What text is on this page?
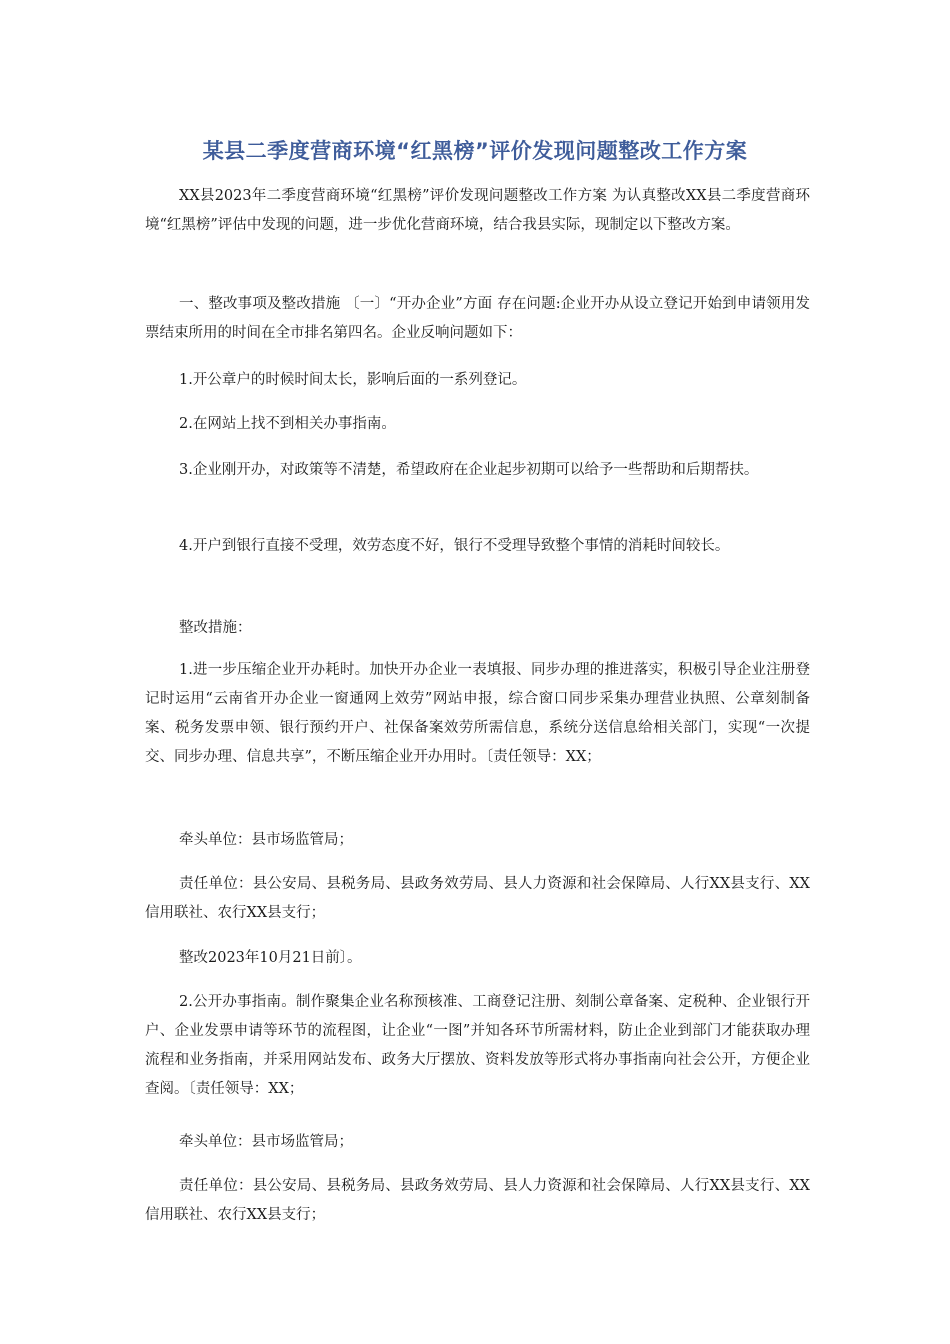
某县二季度营商环境“红黑榜”评价发现问题整改工作方案

XX县2023年二季度营商环境“红黑榜”评价发现问题整改工作方案 为认真整改XX县二季度营商环境“红黑榜”评估中发现的问题，进一步优化营商环境，结合我县实际，现制定以下整改方案。

一、整改事项及整改措施 〔一〕“开办企业”方面 存在问题:企业开办从设立登记开始到申请领用发票结束所用的时间在全市排名第四名。企业反响问题如下：

1.开公章户的时候时间太长，影响后面的一系列登记。

2.在网站上找不到相关办事指南。

3.企业刚开办，对政策等不清楚，希望政府在企业起步初期可以给予一些帮助和后期帮扶。

4.开户到银行直接不受理，效劳态度不好，银行不受理导致整个事情的消耗时间较长。

整改措施：

1.进一步压缩企业开办耗时。加快开办企业一表填报、同步办理的推进落实，积极引导企业注册登记时运用“云南省开办企业一窗通网上效劳”网站申报，综合窗口同步采集办理营业执照、公章刻制备案、税务发票申领、银行预约开户、社保备案效劳所需信息，系统分送信息给相关部门，实现“一次提交、同步办理、信息共享”，不断压缩企业开办用时。〔责任领导：XX；

牵头单位：县市场监管局；

责任单位：县公安局、县税务局、县政务效劳局、县人力资源和社会保障局、人行XX县支行、XX信用联社、农行XX县支行；

整改2023年10月21日前〕。

2.公开办事指南。制作聚集企业名称预核准、工商登记注册、刻制公章备案、定税种、企业银行开户、企业发票申请等环节的流程图，让企业“一图”并知各环节所需材料，防止企业到部门才能获取办理流程和业务指南，并采用网站发布、政务大厅摆放、资料发放等形式将办事指南向社会公开，方便企业查阅。〔责任领导：XX；

牵头单位：县市场监管局；

责任单位：县公安局、县税务局、县政务效劳局、县人力资源和社会保障局、人行XX县支行、XX信用联社、农行XX县支行；
